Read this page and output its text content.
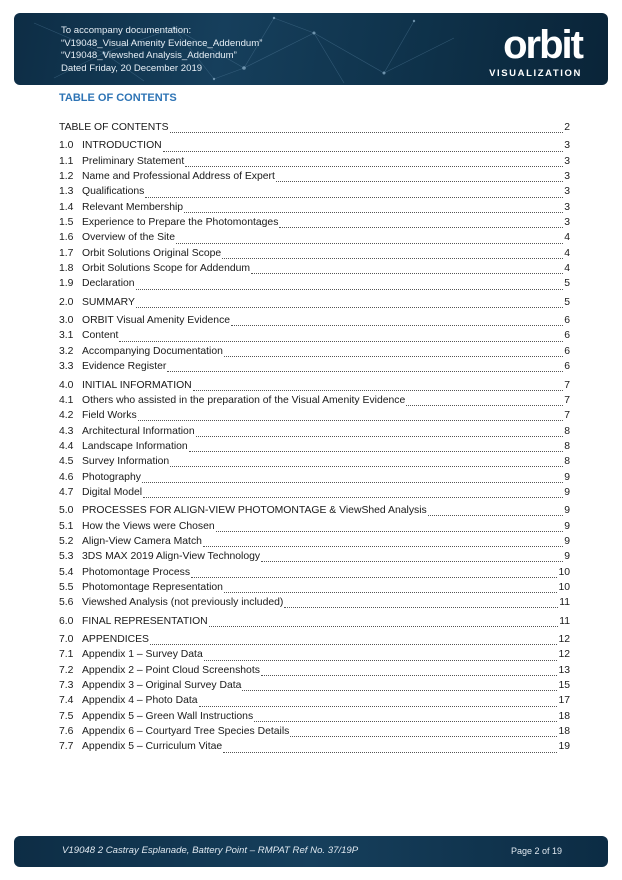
To accompany documentation:
“V19048_Visual Amenity Evidence_Addendum”
“V19048_Viewshed Analysis_Addendum”
Dated Friday, 20 December 2019
orbit
VISUALIZATION
TABLE OF CONTENTS
TABLE OF CONTENTS	2
1.0 INTRODUCTION	3
1.1 Preliminary Statement	3
1.2 Name and Professional Address of Expert	3
1.3 Qualifications	3
1.4 Relevant Membership	3
1.5 Experience to Prepare the Photomontages	3
1.6 Overview of the Site	4
1.7 Orbit Solutions Original Scope	4
1.8 Orbit Solutions Scope for Addendum	4
1.9 Declaration	5
2.0 SUMMARY	5
3.0 ORBIT Visual Amenity Evidence	6
3.1 Content	6
3.2 Accompanying Documentation	6
3.3 Evidence Register	6
4.0 INITIAL INFORMATION	7
4.1 Others who assisted in the preparation of the Visual Amenity Evidence	7
4.2 Field Works	7
4.3 Architectural Information	8
4.4 Landscape Information	8
4.5 Survey Information	8
4.6 Photography	9
4.7 Digital Model	9
5.0 PROCESSES FOR ALIGN-VIEW PHOTOMONTAGE & ViewShed Analysis	9
5.1 How the Views were Chosen	9
5.2 Align-View Camera Match	9
5.3 3DS MAX 2019 Align-View Technology	9
5.4 Photomontage Process	10
5.5 Photomontage Representation	10
5.6 Viewshed Analysis (not previously included)	11
6.0 FINAL REPRESENTATION	11
7.0 APPENDICES	12
7.1 Appendix 1 – Survey Data	12
7.2 Appendix 2 – Point Cloud Screenshots	13
7.3 Appendix 3 – Original Survey Data	15
7.4 Appendix 4 – Photo Data	17
7.5 Appendix 5 – Green Wall Instructions	18
7.6 Appendix 6 – Courtyard Tree Species Details	18
7.7 Appendix 5 – Curriculum Vitae	19
V19048 2 Castray Esplanade, Battery Point – RMPAT Ref No. 37/19P	Page 2 of 19
